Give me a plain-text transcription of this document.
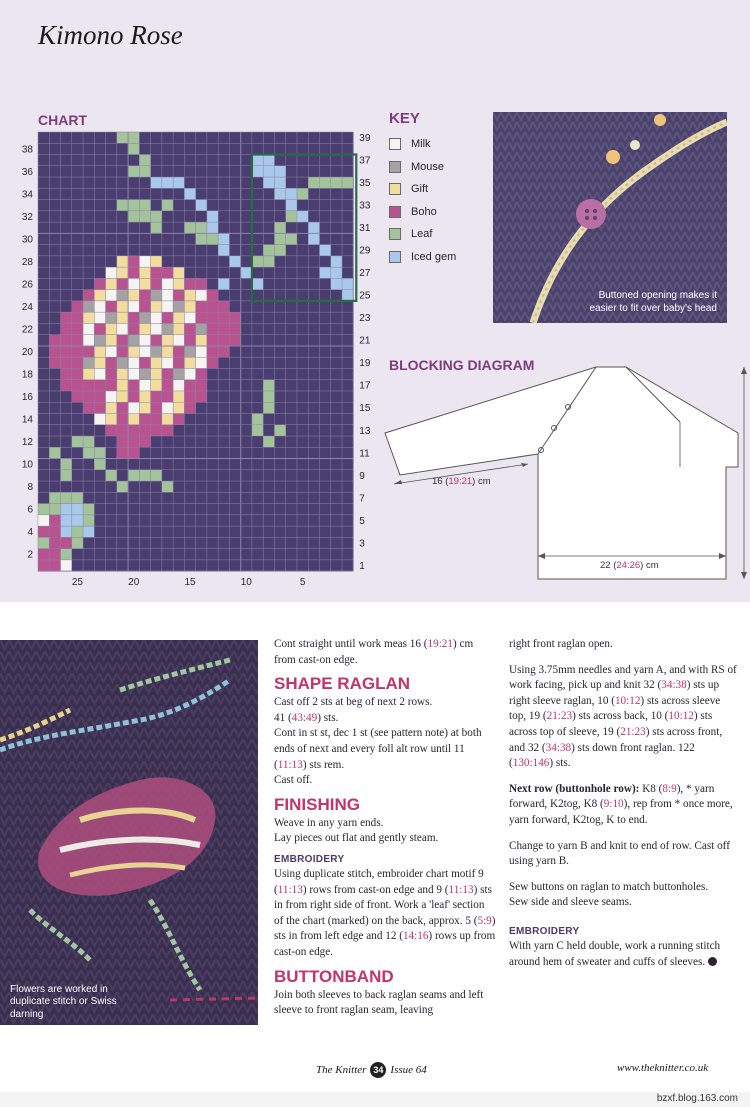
Kimono Rose
CHART
38
36
34
32
30
28
26
24
22
20
18
16
14
12
10
8
6
4
2
39
37
35
33
31
29
27
25
23
21
19
17
15
13
11
9
7
5
3
1
25	20	15	10	5
KEY
Milk
Mouse
Gift
Boho
Leaf
Iced gem
Buttoned opening makes it easier to fit over baby's head
BLOCKING DIAGRAM
16 (19:21) cm
22 (24:26) cm
Flowers are worked in duplicate stitch or Swiss darning

Cont straight until work meas 16 (19:21) cm from cast-on edge.

SHAPE RAGLAN

Cast off 2 sts at beg of next 2 rows.

41 (43:49) sts.

Cont in st st, dec 1 st (see pattern note) at both ends of next and every foll alt row until 11 (11:13) sts rem.

Cast off.

FINISHING

Weave in any yarn ends.

Lay pieces out flat and gently steam.

EMBROIDERY

Using duplicate stitch, embroider chart motif 9 (11:13) rows from cast-on edge and 9 (11:13) sts in from right side of front. Work a 'leaf' section of the chart (marked) on the back, approx. 5 (5:9) sts in from left edge and 12 (14:16) rows up from cast-on edge.

BUTTONBAND

Join both sleeves to back raglan seams and left sleeve to front raglan seam, leaving

right front raglan open.

Using 3.75mm needles and yarn A, and with RS of work facing, pick up and knit 32 (34:38) sts up right sleeve raglan, 10 (10:12) sts across sleeve top, 19 (21:23) sts across back, 10 (10:12) sts across top of sleeve, 19 (21:23) sts across front, and 32 (34:38) sts down front raglan. 122 (130:146) sts.

Next row (buttonhole row): K8 (8:9), * yarn forward, K2tog, K8 (9:10), rep from * once more, yarn forward, K2tog, K to end.

Change to yarn B and knit to end of row. Cast off using yarn B.

Sew buttons on raglan to match buttonholes.

Sew side and sleeve seams.

EMBROIDERY

With yarn C held double, work a running stitch around hem of sweater and cuffs of sleeves.

The Knitter 34 Issue 64	www.theknitter.co.uk
bzxf.blog.163.com
